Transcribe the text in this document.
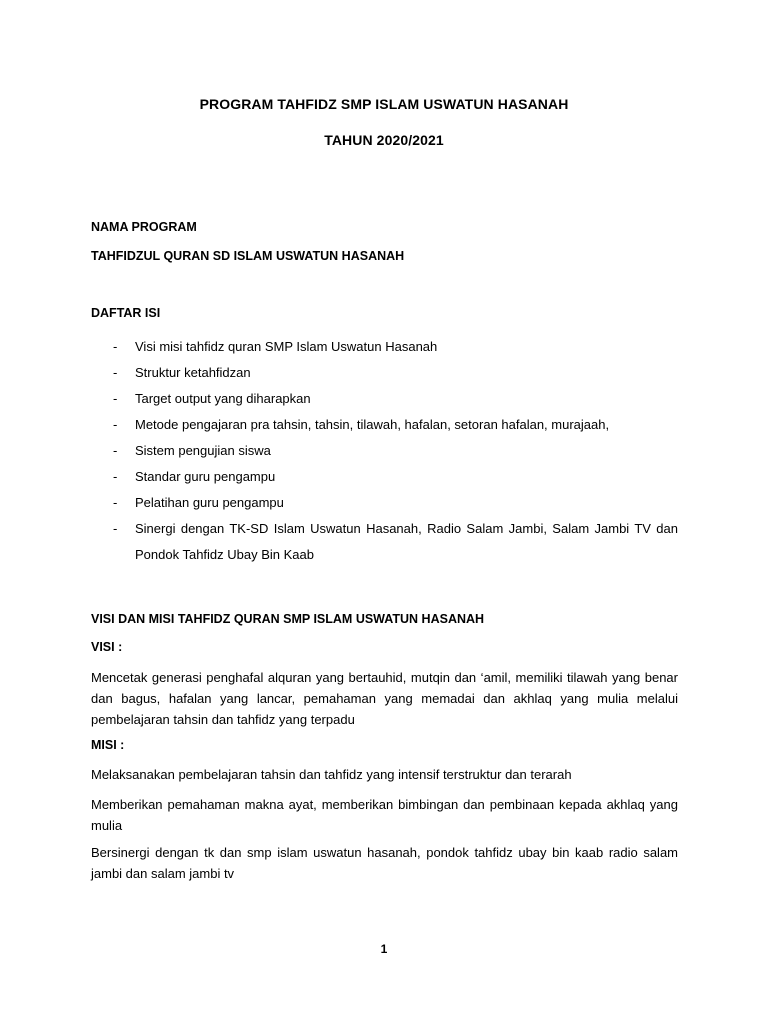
PROGRAM TAHFIDZ SMP ISLAM USWATUN HASANAH
TAHUN 2020/2021
NAMA PROGRAM
TAHFIDZUL QURAN SD ISLAM USWATUN HASANAH
DAFTAR ISI
- Visi misi tahfidz quran SMP Islam Uswatun Hasanah
- Struktur ketahfidzan
- Target output yang diharapkan
- Metode pengajaran pra tahsin, tahsin, tilawah, hafalan, setoran hafalan, murajaah,
- Sistem pengujian siswa
- Standar guru pengampu
- Pelatihan guru pengampu
- Sinergi dengan TK-SD Islam Uswatun Hasanah, Radio Salam Jambi, Salam Jambi TV dan Pondok Tahfidz Ubay Bin Kaab
VISI DAN MISI TAHFIDZ QURAN SMP ISLAM USWATUN HASANAH
VISI :
Mencetak generasi penghafal alquran yang bertauhid, mutqin dan ‘amil, memiliki tilawah yang benar dan bagus, hafalan yang lancar, pemahaman yang memadai dan akhlaq yang mulia melalui pembelajaran tahsin dan tahfidz yang terpadu
MISI :
Melaksanakan pembelajaran tahsin dan tahfidz yang intensif terstruktur dan terarah
Memberikan pemahaman makna ayat, memberikan bimbingan dan pembinaan kepada akhlaq yang mulia
Bersinergi dengan tk dan smp islam uswatun hasanah, pondok tahfidz ubay bin kaab radio salam jambi dan salam jambi tv
1
